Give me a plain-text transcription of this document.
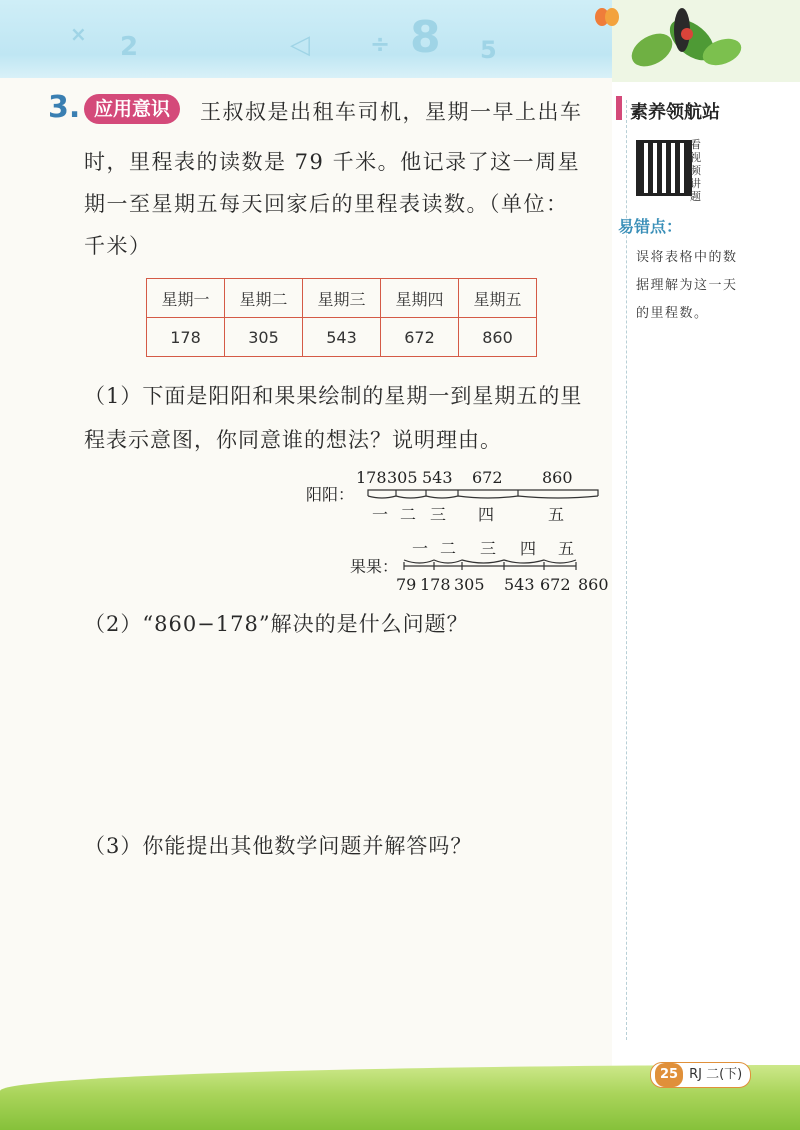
× 2	◁	÷ 8 5
3. 应用意识	王叔叔是出租车司机，星期一早上出车
时，里程表的读数是 79 千米。他记录了这一周星
期一至星期五每天回家后的里程表读数。（单位：
千米）
星期一	星期二	星期三	星期四	星期五
178	305	543	672	860
（1）下面是阳阳和果果绘制的星期一到星期五的里
程表示意图，你同意谁的想法？说明理由。
阳阳：
178 305 543 672 860
一 二 三 四	五
一 二 三 四 五
果果：
79 178 305 543 672 860
（2）“860−178”解决的是什么问题？
（3）你能提出其他数学问题并解答吗？
素养领航站
看视频讲题
易错点：
误将表格中的数
据理解为这一天
的里程数。
25 RJ 二(下)
